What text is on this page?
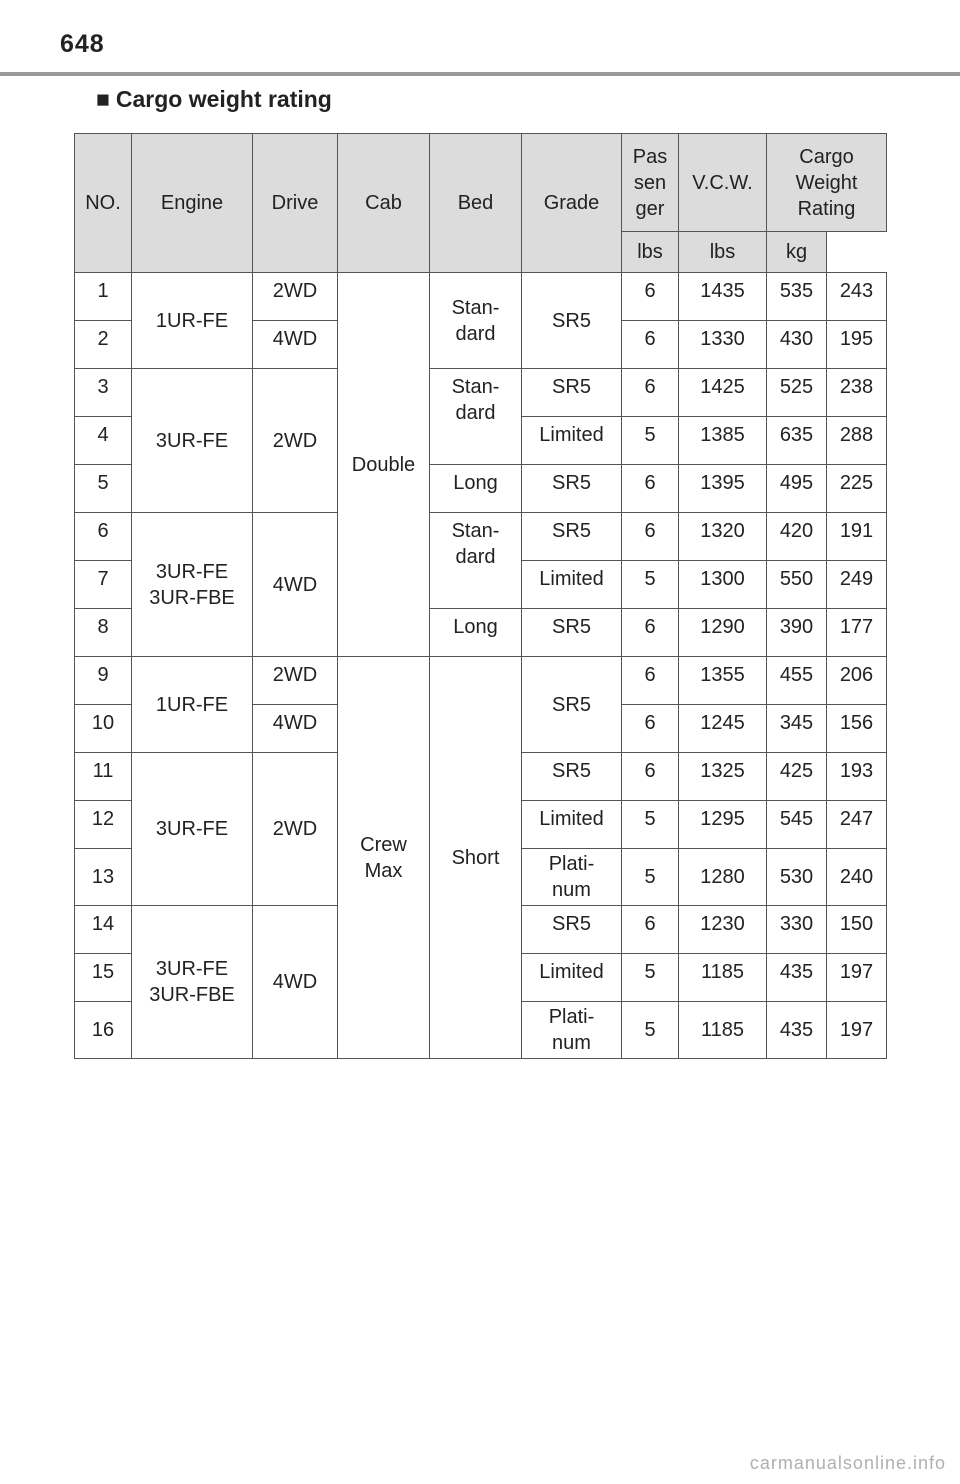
648
■ Cargo weight rating
NO.	Engine	Drive	Cab	Bed	Grade	Pas
sen
ger	V.C.W.	Cargo
Weight
Rating	
						lbs	lbs	kg	
1	1UR-FE	2WD	Double	Stan-
dard	SR5	6	1435	535	243
2		4WD				6	1330	430	195
3	3UR-FE	2WD		Stan-
dard	SR5	6	1425	525	238
4					Limited	5	1385	635	288
5				Long	SR5	6	1395	495	225
6	3UR-FE
3UR-FBE	4WD		Stan-
dard	SR5	6	1320	420	191
7					Limited	5	1300	550	249
8				Long	SR5	6	1290	390	177
9	1UR-FE	2WD	Crew
Max	Short	SR5	6	1355	455	206
10		4WD				6	1245	345	156
11	3UR-FE	2WD			SR5	6	1325	425	193
12					Limited	5	1295	545	247
13					Plati-
num	5	1280	530	240
14	3UR-FE
3UR-FBE	4WD			SR5	6	1230	330	150
15					Limited	5	1185	435	197
16					Plati-
num	5	1185	435	197
carmanualsonline.info
